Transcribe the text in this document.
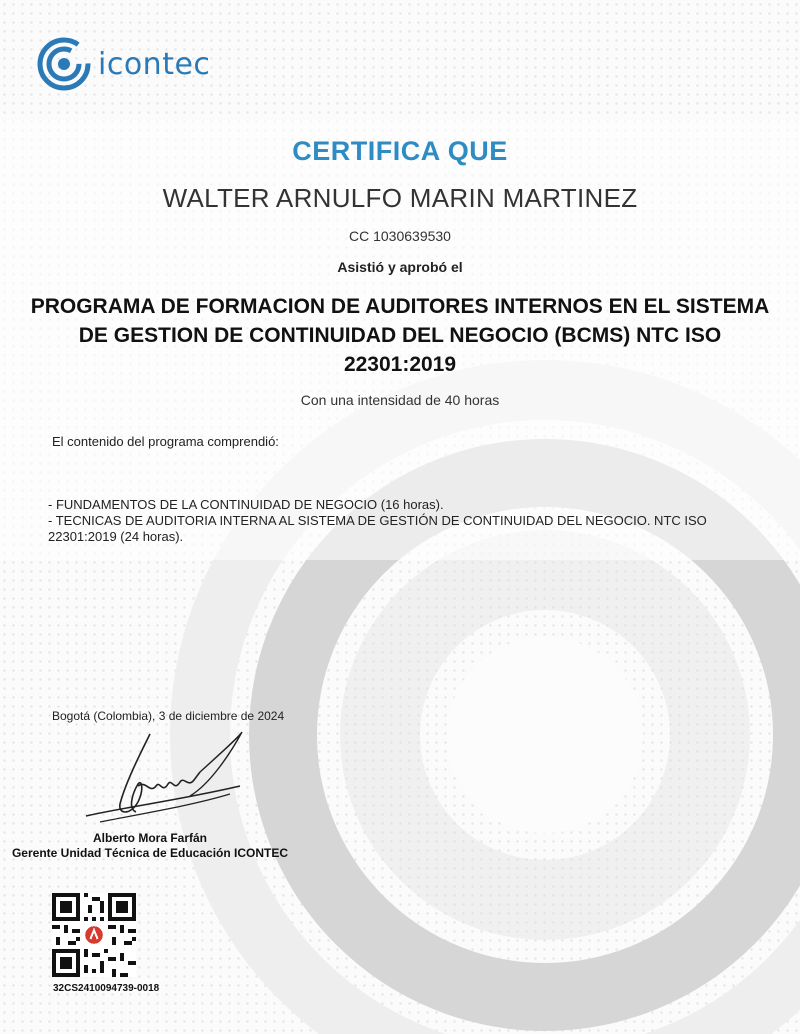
icontec
CERTIFICA QUE
WALTER ARNULFO MARIN MARTINEZ
CC 1030639530
Asistió y aprobó el
PROGRAMA DE FORMACION DE AUDITORES INTERNOS EN EL SISTEMA DE GESTION DE CONTINUIDAD DEL NEGOCIO (BCMS) NTC ISO 22301:2019
Con una intensidad de 40 horas
El contenido del programa comprendió:

- FUNDAMENTOS DE LA CONTINUIDAD DE NEGOCIO (16 horas).

- TECNICAS DE AUDITORIA INTERNA AL SISTEMA DE GESTIÓN DE CONTINUIDAD DEL NEGOCIO. NTC ISO 22301:2019 (24 horas).

Bogotá (Colombia), 3 de diciembre de 2024
Alberto Mora Farfán
Gerente Unidad Técnica de Educación ICONTEC
32CS2410094739-0018
